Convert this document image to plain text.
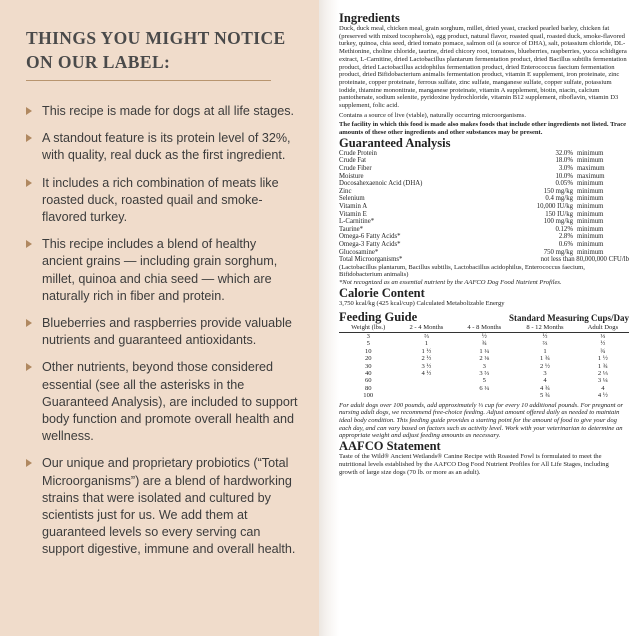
THINGS YOU MIGHT NOTICE ON OUR LABEL:
This recipe is made for dogs at all life stages.
A standout feature is its protein level of 32%, with quality, real duck as the first ingredient.
It includes a rich combination of meats like roasted duck, roasted quail and smoke-flavored turkey.
This recipe includes a blend of healthy ancient grains — including grain sorghum, millet, quinoa and chia seed — which are naturally rich in fiber and protein.
Blueberries and raspberries provide valuable nutrients and guaranteed antioxidants.
Other nutrients, beyond those considered essential (see all the asterisks in the Guaranteed Analysis), are included to support body function and promote overall health and wellness.
Our unique and proprietary probiotics (“Total Microorganisms”) are a blend of hardworking strains that were isolated and cultured by scientists just for us. We add them at guaranteed levels so every serving can support digestive, immune and overall health.
Ingredients

Duck, duck meal, chicken meal, grain sorghum, millet, dried yeast, cracked pearled barley, chicken fat (preserved with mixed tocopherols), egg product, natural flavor, roasted quail, roasted duck, smoke-flavored turkey, quinoa, chia seed, dried tomato pomace, salmon oil (a source of DHA), salt, potassium chloride, DL-Methionine, choline chloride, taurine, dried chicory root, tomatoes, blueberries, raspberries, yucca schidigera extract, L-Carnitine, dried Lactobacillus plantarum fermentation product, dried Bacillus subtilis fermentation product, dried Lactobacillus acidophilus fermentation product, dried Enterococcus faecium fermentation product, dried Bifidobacterium animalis fermentation product, vitamin E supplement, iron proteinate, zinc proteinate, copper proteinate, ferrous sulfate, zinc sulfate, manganese sulfate, copper sulfate, potassium iodide, thiamine mononitrate, manganese proteinate, vitamin A supplement, biotin, niacin, calcium pantothenate, sodium selenite, pyridoxine hydrochloride, vitamin B12 supplement, riboflavin, vitamin D3 supplement, folic acid.

Contains a source of live (viable), naturally occurring microorganisms.

The facility in which this food is made also makes foods that include other ingredients not listed. Trace amounts of these other ingredients and other substances may be present.

Guaranteed Analysis
Crude Protein	32.0%	minimum
Crude Fat	18.0%	minimum
Crude Fiber	3.0%	maximum
Moisture	10.0%	maximum
Docosahexaenoic Acid (DHA)	0.05%	minimum
Zinc	150 mg/kg	minimum
Selenium	0.4 mg/kg	minimum
Vitamin A	10,000 IU/kg	minimum
Vitamin E	150 IU/kg	minimum
L-Carnitine*	100 mg/kg	minimum
Taurine*	0.12%	minimum
Omega-6 Fatty Acids*	2.8%	minimum
Omega-3 Fatty Acids*	0.6%	minimum
Glucosamine*	750 mg/kg	minimum
Total Microorganisms*	not less than 80,000,000 CFU/lb

(Lactobacillus plantarum, Bacillus subtilis, Lactobacillus acidophilus, Enterococcus faecium, Bifidobacterium animalis)

*Not recognized as an essential nutrient by the AAFCO Dog Food Nutrient Profiles.

Calorie Content

3,750 kcal/kg (425 kcal/cup) Calculated Metabolizable Energy

Feeding Guide	Standard Measuring Cups/Day
Weight (lbs.)	2 - 4 Months	4 - 8 Months	8 - 12 Months	Adult Dogs
3	⅔	½	½	⅓
5	1	¾	⅔	½
10	1 ½	1 ¼	1	¾
20	2 ½	2 ⅛	1 ¾	1 ½
30	3 ½	3	2 ½	1 ¾
40	4 ½	3 ⅔	3	2 ⅓
60		5	4	3 ¼
80		6 ¼	4 ¾	4
100			5 ¾	4 ½

For adult dogs over 100 pounds, add approximately ⅓ cup for every 10 additional pounds. For pregnant or nursing adult dogs, we recommend free-choice feeding. Adjust amount offered daily as needed to maintain ideal body condition. This feeding guide provides a starting point for the amount of food to give your dog each day, and can vary based on factors such as activity level. Work with your veterinarian to determine an appropriate weight and adjust feeding amounts as necessary.

AAFCO Statement

Taste of the Wild® Ancient Wetlands® Canine Recipe with Roasted Fowl is formulated to meet the nutritional levels established by the AAFCO Dog Food Nutrient Profiles for All Life Stages, including growth of large size dogs (70 lb. or more as an adult).
